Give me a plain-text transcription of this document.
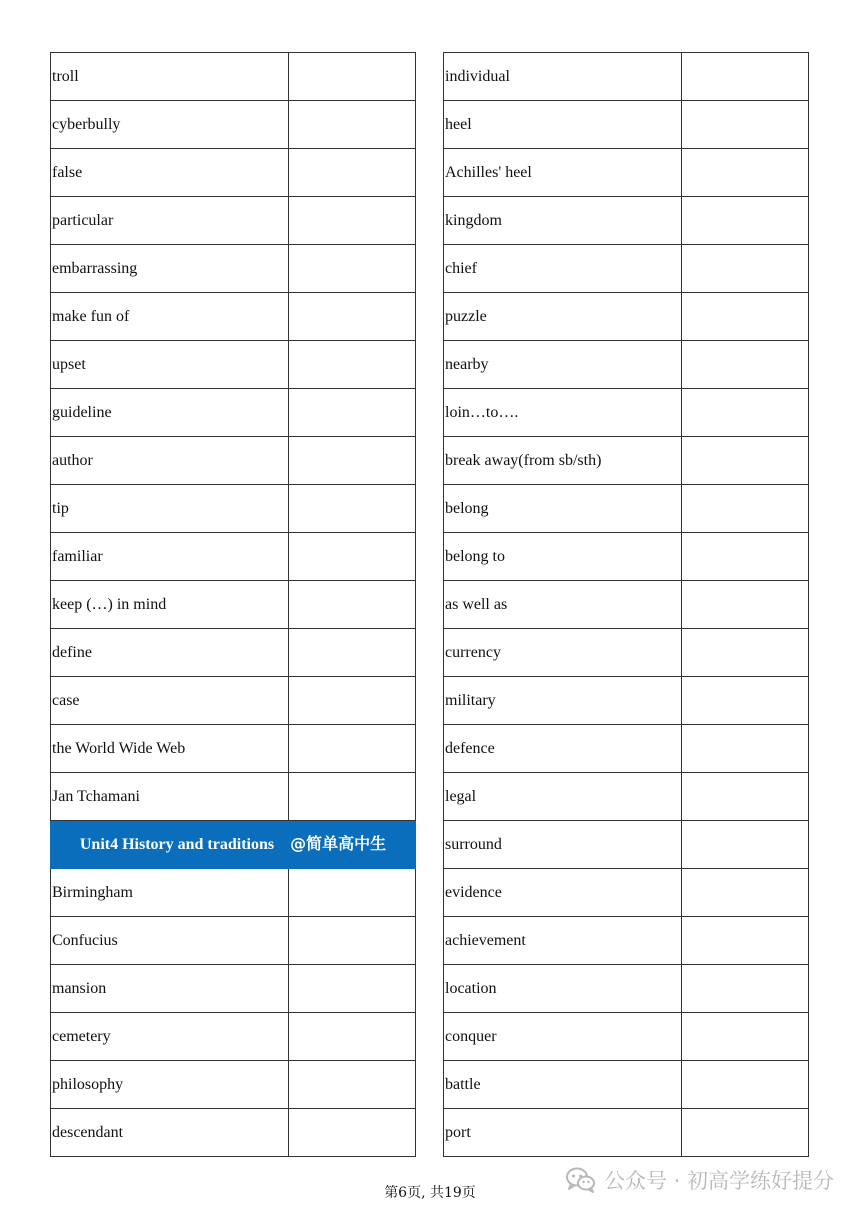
troll	
cyberbully	
false	
particular	
embarrassing	
make fun of	
upset	
guideline	
author	
tip	
familiar	
keep (…) in mind	
define	
case	
the World Wide Web	
Jan Tchamani	
Unit4 History and traditions @简单高中生	
Birmingham	
Confucius	
mansion	
cemetery	
philosophy	
descendant	
individual	
heel	
Achilles' heel	
kingdom	
chief	
puzzle	
nearby	
loin…to….	
break away(from sb/sth)	
belong	
belong to	
as well as	
currency	
military	
defence	
legal	
surround	
evidence	
achievement	
location	
conquer	
battle	
port	
第6页, 共19页	公众号 · 初高学练好提分
